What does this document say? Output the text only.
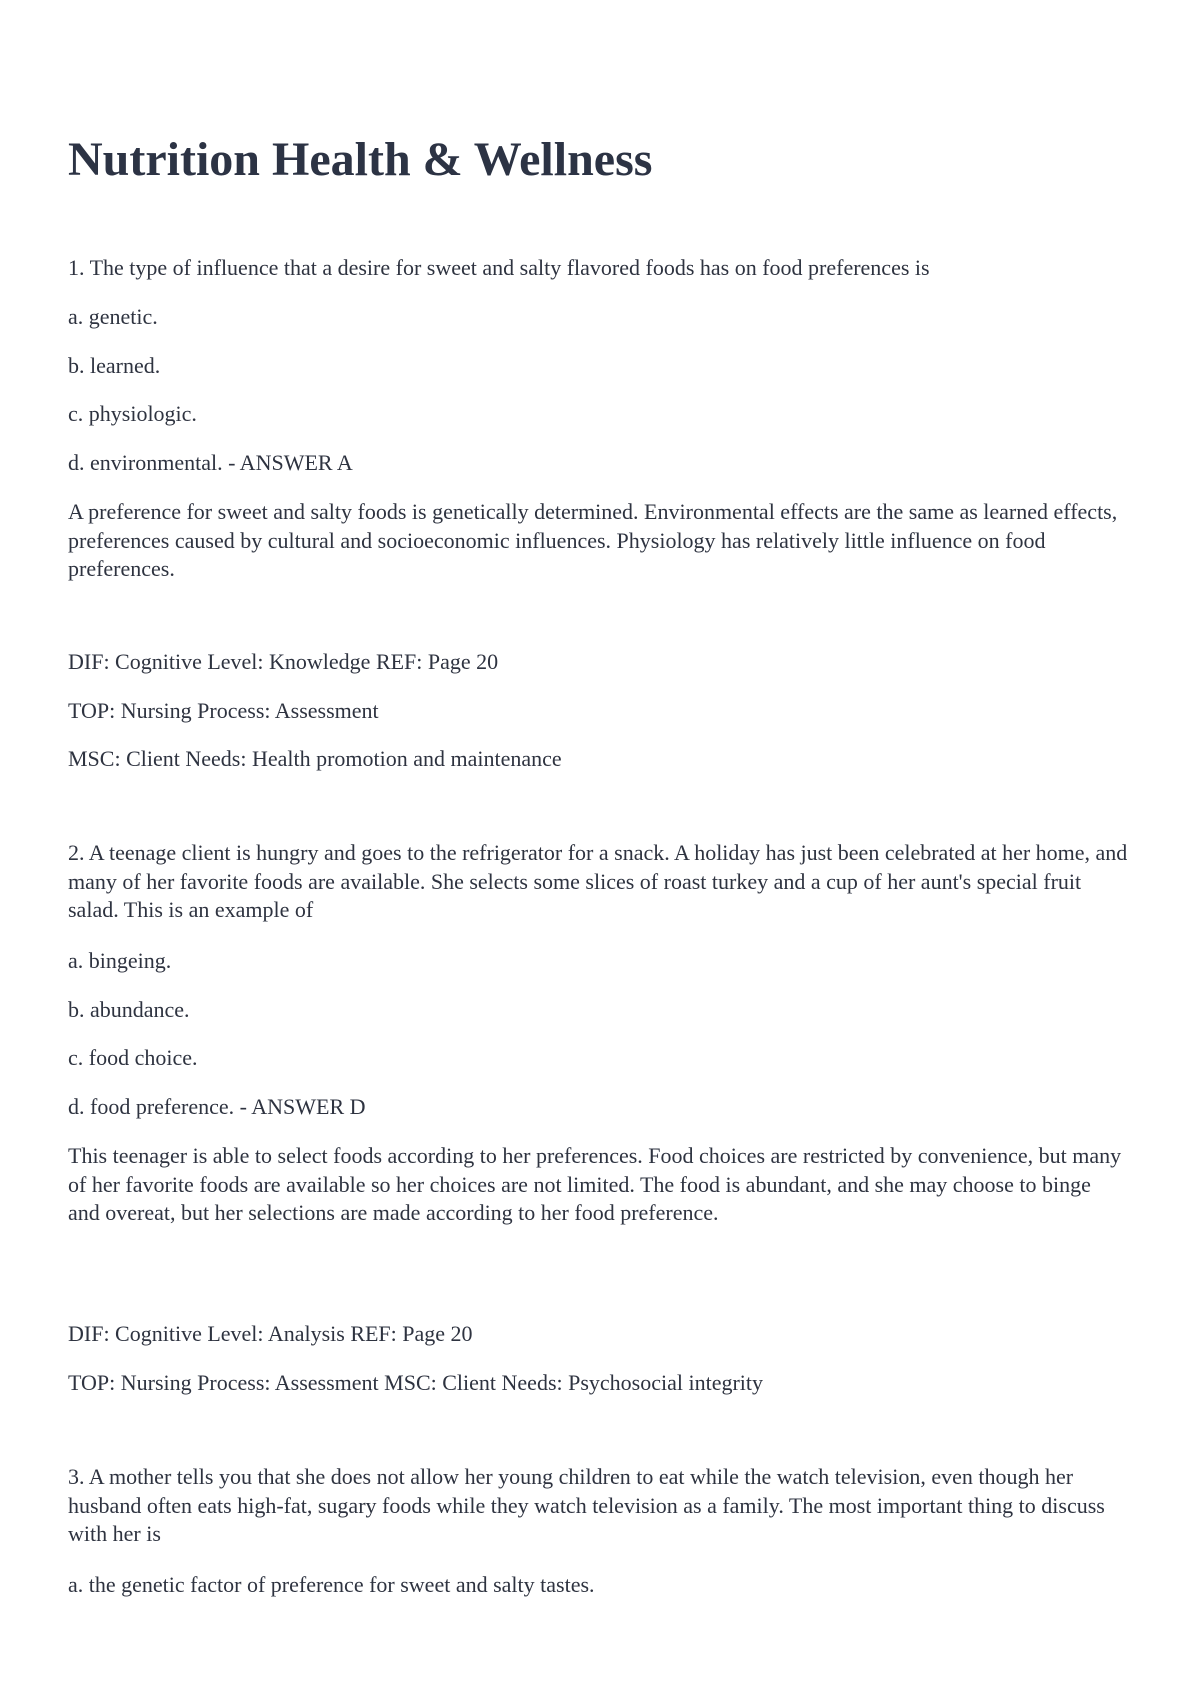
Nutrition Health & Wellness

1. The type of influence that a desire for sweet and salty flavored foods has on food preferences is

a. genetic.

b. learned.

c. physiologic.

d. environmental. - ANSWER A

A preference for sweet and salty foods is genetically determined. Environmental effects are the same as learned effects, preferences caused by cultural and socioeconomic influences. Physiology has relatively little influence on food preferences.

DIF: Cognitive Level: Knowledge REF: Page 20

TOP: Nursing Process: Assessment

MSC: Client Needs: Health promotion and maintenance

2. A teenage client is hungry and goes to the refrigerator for a snack. A holiday has just been celebrated at her home, and many of her favorite foods are available. She selects some slices of roast turkey and a cup of her aunt's special fruit salad. This is an example of

a. bingeing.

b. abundance.

c. food choice.

d. food preference. - ANSWER D

This teenager is able to select foods according to her preferences. Food choices are restricted by convenience, but many of her favorite foods are available so her choices are not limited. The food is abundant, and she may choose to binge and overeat, but her selections are made according to her food preference.

DIF: Cognitive Level: Analysis REF: Page 20

TOP: Nursing Process: Assessment MSC: Client Needs: Psychosocial integrity

3. A mother tells you that she does not allow her young children to eat while the watch television, even though her husband often eats high-fat, sugary foods while they watch television as a family. The most important thing to discuss with her is

a. the genetic factor of preference for sweet and salty tastes.
